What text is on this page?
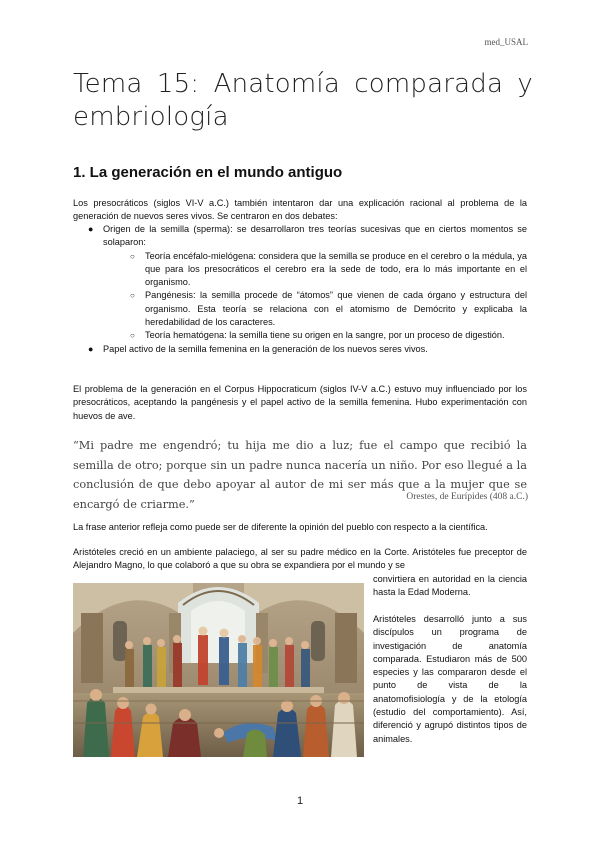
med_USAL
Tema 15: Anatomía comparada y
embriología
1. La generación en el mundo antiguo
Los presocráticos (siglos VI-V a.C.) también intentaron dar una explicación racional al problema de la generación de nuevos seres vivos. Se centraron en dos debates:
● Origen de la semilla (sperma): se desarrollaron tres teorías sucesivas que en ciertos momentos se solaparon:
○ Teoría encéfalo-mielógena: considera que la semilla se produce en el cerebro o la médula, ya que para los presocráticos el cerebro era la sede de todo, era lo más importante en el organismo.
○ Pangénesis: la semilla procede de “átomos” que vienen de cada órgano y estructura del organismo. Esta teoría se relaciona con el atomismo de Demócrito y explicaba la heredabilidad de los caracteres.
○ Teoría hematógena: la semilla tiene su origen en la sangre, por un proceso de digestión.
● Papel activo de la semilla femenina en la generación de los nuevos seres vivos.
El problema de la generación en el Corpus Hippocraticum (siglos IV-V a.C.) estuvo muy influenciado por los presocráticos, aceptando la pangénesis y el papel activo de la semilla femenina. Hubo experimentación con huevos de ave.
“Mi padre me engendró; tu hija me dio a luz; fue el campo que recibió la semilla de otro; porque sin un padre nunca nacería un niño. Por eso llegué a la conclusión de que debo apoyar al autor de mi ser más que a la mujer que se encargó de criarme.”
Orestes, de Eurípides (408 a.C.)
La frase anterior refleja como puede ser de diferente la opinión del pueblo con respecto a la científica.
Aristóteles creció en un ambiente palaciego, al ser su padre médico en la Corte. Aristóteles fue preceptor de Alejandro Magno, lo que colaboró a que su obra se expandiera por el mundo y se
convirtiera en autoridad en la ciencia hasta la Edad Moderna.
Aristóteles desarrolló junto a sus discípulos un programa de investigación de anatomía comparada. Estudiaron más de 500 especies y las compararon desde el punto de vista de la anatomofisiología y de la etología (estudio del comportamiento). Así, diferenció y agrupó distintos tipos de animales.
1
